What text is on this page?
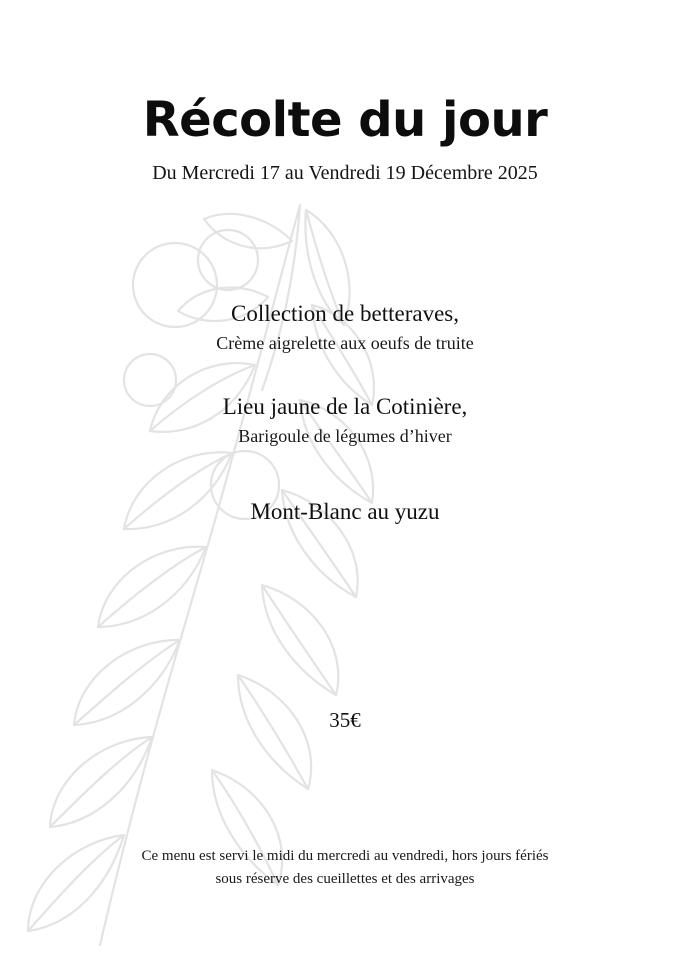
Récolte du jour
Du Mercredi 17 au Vendredi 19 Décembre 2025
Collection de betteraves,
Crème aigrelette aux oeufs de truite
Lieu jaune de la Cotinière,
Barigoule de légumes d’hiver
Mont-Blanc au yuzu
35€
Ce menu est servi le midi du mercredi au vendredi, hors jours fériés
sous réserve des cueillettes et des arrivages
